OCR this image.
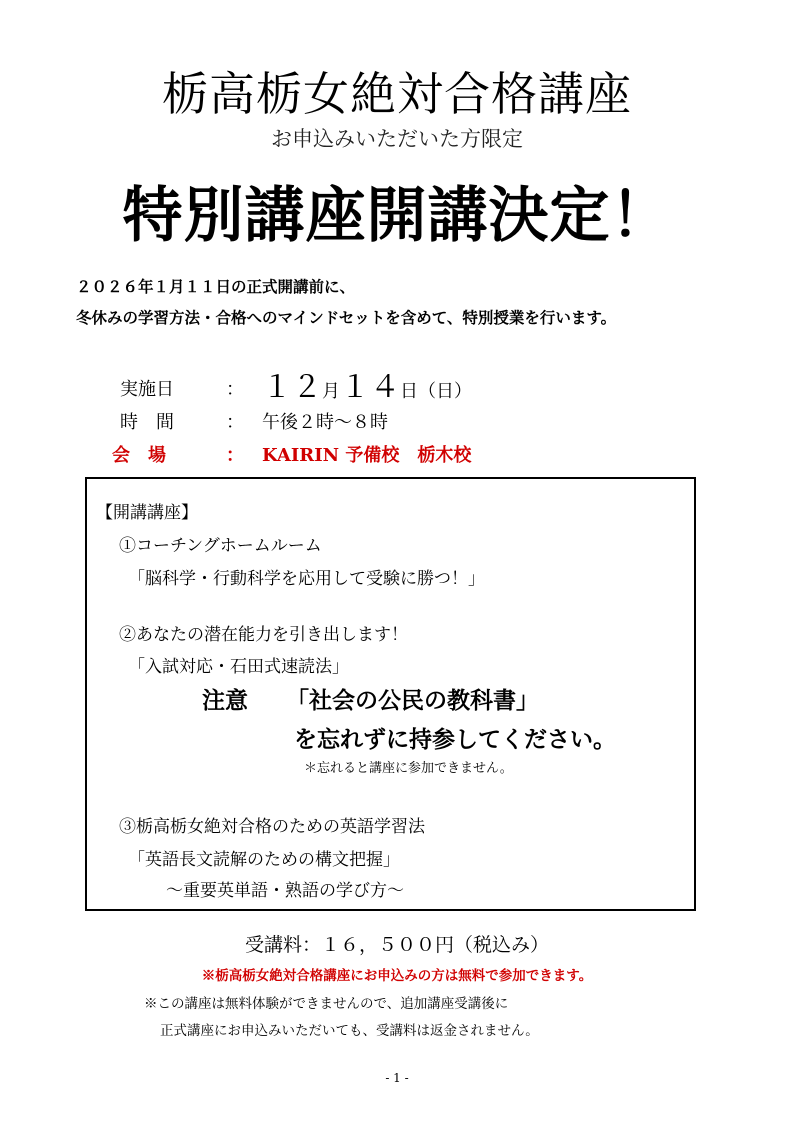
栃高栃女絶対合格講座
お申込みいただいた方限定
特別講座開講決定！
２０２６年１月１１日の正式開講前に、
冬休みの学習方法・合格へのマインドセットを含めて、特別授業を行います。
実施日	： １２月１４日（日）
時　間	： 午後２時～８時
会　場	： KAIRIN 予備校　栃木校
【開講講座】
①コーチングホームルーム
「脳科学・行動科学を応用して受験に勝つ！」
②あなたの潜在能力を引き出します！
「入試対応・石田式速読法」
注意 「社会の公民の教科書」
を忘れずに持参してください。
＊忘れると講座に参加できません。
③栃高栃女絶対合格のための英語学習法
「英語長文読解のための構文把握」
～重要英単語・熟語の学び方～
受講料：１６，５００円（税込み）
※栃高栃女絶対合格講座にお申込みの方は無料で参加できます。
※この講座は無料体験ができませんので、追加講座受講後に
正式講座にお申込みいただいても、受講料は返金されません。
- 1 -
